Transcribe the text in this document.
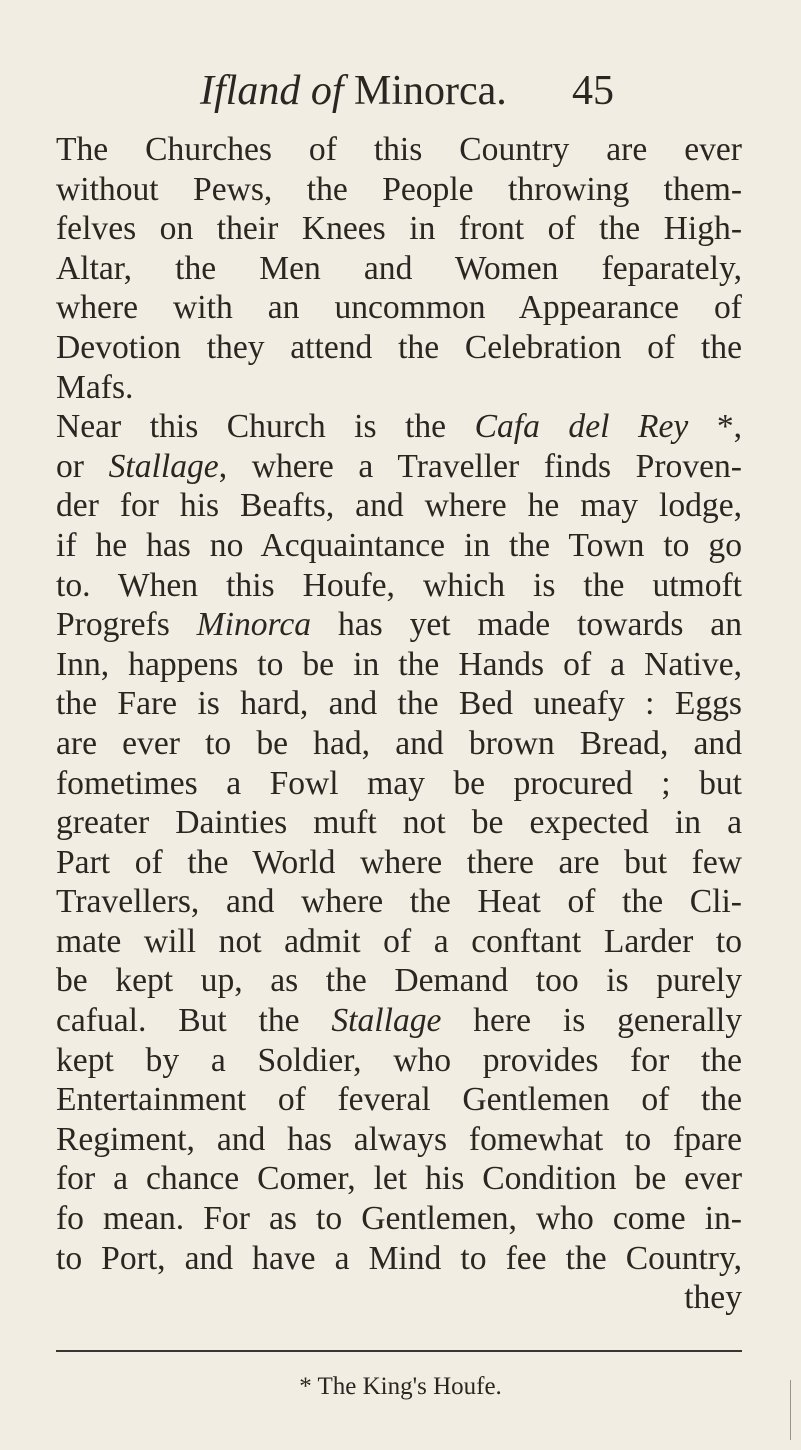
Ifland of Minorca. 45
The Churches of this Country are ever
without Pews, the People throwing them-
felves on their Knees in front of the High-
Altar, the Men and Women feparately,
where with an uncommon Appearance of
Devotion they attend the Celebration of the
Mafs.
Near this Church is the Cafa del Rey *,
or Stallage, where a Traveller finds Proven-
der for his Beafts, and where he may lodge,
if he has no Acquaintance in the Town to go
to. When this Houfe, which is the utmoft
Progrefs Minorca has yet made towards an
Inn, happens to be in the Hands of a Native,
the Fare is hard, and the Bed uneafy : Eggs
are ever to be had, and brown Bread, and
fometimes a Fowl may be procured ; but
greater Dainties muft not be expected in a
Part of the World where there are but few
Travellers, and where the Heat of the Cli-
mate will not admit of a conftant Larder to
be kept up, as the Demand too is purely
cafual. But the Stallage here is generally
kept by a Soldier, who provides for the
Entertainment of feveral Gentlemen of the
Regiment, and has always fomewhat to fpare
for a chance Comer, let his Condition be ever
fo mean. For as to Gentlemen, who come in-
to Port, and have a Mind to fee the Country,
they
* The King's Houfe.
